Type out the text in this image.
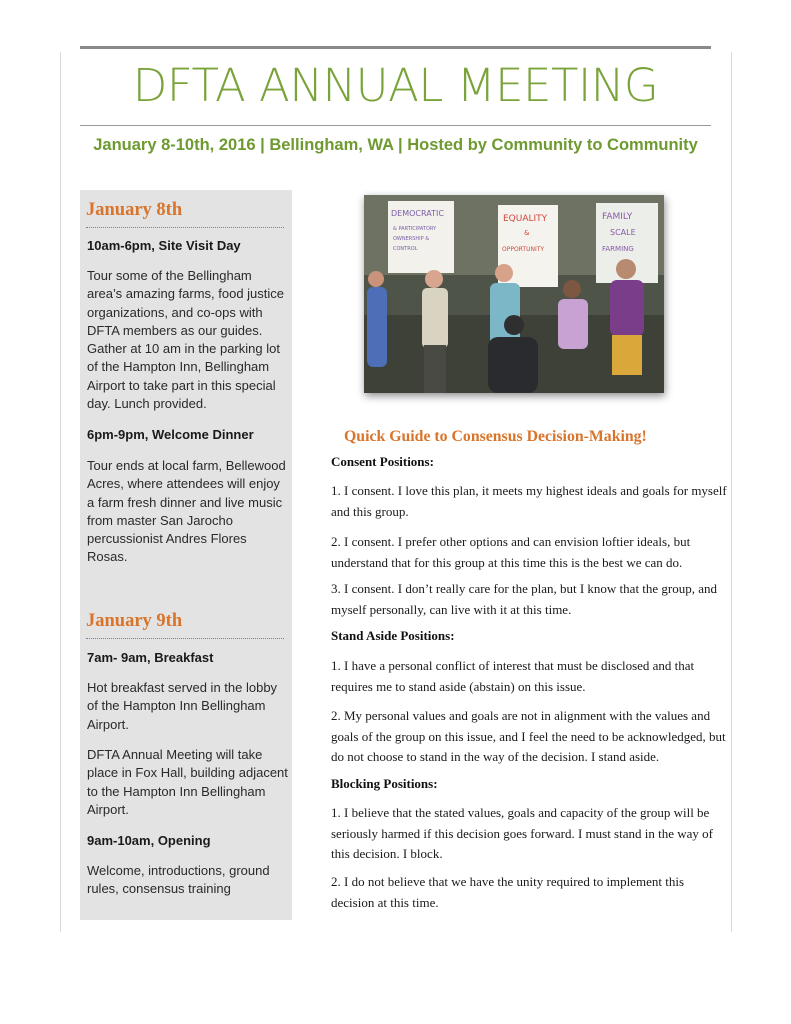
DFTA ANNUAL MEETING
January 8-10th, 2016 | Bellingham, WA | Hosted by Community to Community
January 8th
10am-6pm, Site Visit Day
Tour some of the Bellingham area’s amazing farms, food justice organizations, and co-ops with DFTA members as our guides. Gather at 10 am in the parking lot of the Hampton Inn, Bellingham Airport to take part in this special day. Lunch provided.
6pm-9pm, Welcome Dinner
Tour ends at local farm, Bellewood Acres, where attendees will enjoy a farm fresh dinner and live music from master San Jarocho percussionist Andres Flores Rosas.
January 9th
7am- 9am, Breakfast
Hot breakfast served in the lobby of the Hampton Inn Bellingham Airport.
DFTA Annual Meeting will take place in Fox Hall, building adjacent to the Hampton Inn Bellingham Airport.
9am-10am, Opening
Welcome, introductions, ground rules, consensus training
DEMOCRATIC
& PARTICIPATORY
OWNERSHIP &
CONTROL
EQUALITY
&
OPPORTUNITY
FAMILY
SCALE
FARMING
Quick Guide to Consensus Decision-Making!
Consent Positions:
1. I consent. I love this plan, it meets my highest ideals and goals for myself and this group.
2. I consent. I prefer other options and can envision loftier ideals, but understand that for this group at this time this is the best we can do.
3. I consent. I don’t really care for the plan, but I know that the group, and myself personally, can live with it at this time.
Stand Aside Positions:
1. I have a personal conflict of interest that must be disclosed and that requires me to stand aside (abstain) on this issue.
2. My personal values and goals are not in alignment with the values and goals of the group on this issue, and I feel the need to be acknowledged, but do not choose to stand in the way of the decision. I stand aside.
Blocking Positions:
1. I believe that the stated values, goals and capacity of the group will be seriously harmed if this decision goes forward. I must stand in the way of this decision. I block.
2. I do not believe that we have the unity required to implement this decision at this time.
